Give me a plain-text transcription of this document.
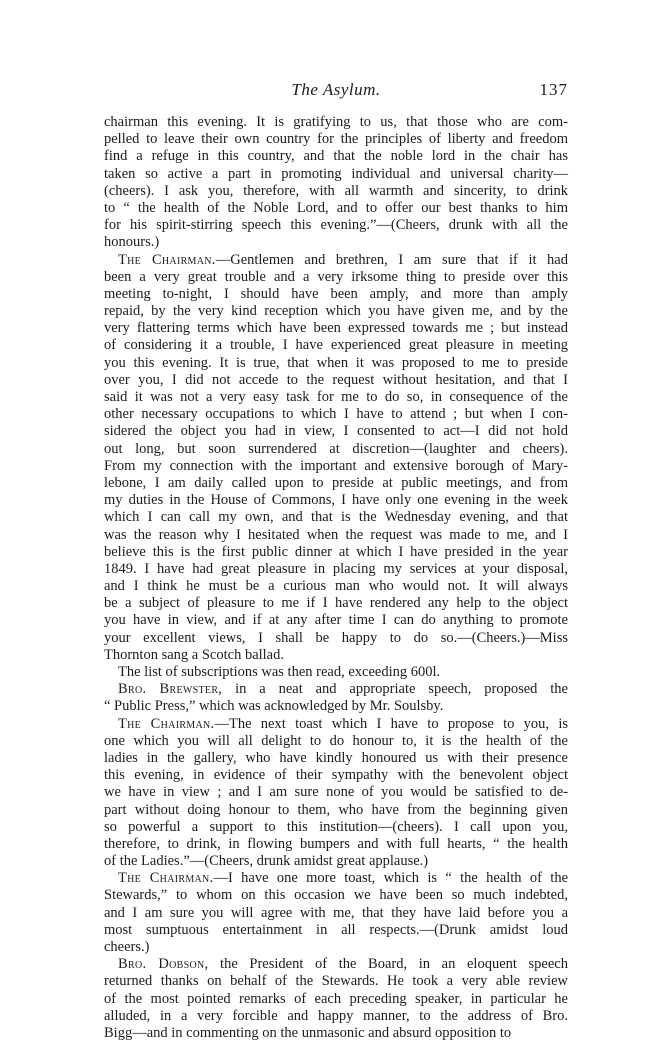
The Asylum.	137
chairman this evening. It is gratifying to us, that those who are com-
pelled to leave their own country for the principles of liberty and freedom
find a refuge in this country, and that the noble lord in the chair has
taken so active a part in promoting individual and universal charity—
(cheers). I ask you, therefore, with all warmth and sincerity, to drink
to “ the health of the Noble Lord, and to offer our best thanks to him
for his spirit-stirring speech this evening.”—(Cheers, drunk with all the
honours.)
The Chairman.—Gentlemen and brethren, I am sure that if it had
been a very great trouble and a very irksome thing to preside over this
meeting to-night, I should have been amply, and more than amply
repaid, by the very kind reception which you have given me, and by the
very flattering terms which have been expressed towards me ; but instead
of considering it a trouble, I have experienced great pleasure in meeting
you this evening. It is true, that when it was proposed to me to preside
over you, I did not accede to the request without hesitation, and that I
said it was not a very easy task for me to do so, in consequence of the
other necessary occupations to which I have to attend ; but when I con-
sidered the object you had in view, I consented to act—I did not hold
out long, but soon surrendered at discretion—(laughter and cheers).
From my connection with the important and extensive borough of Mary-
lebone, I am daily called upon to preside at public meetings, and from
my duties in the House of Commons, I have only one evening in the week
which I can call my own, and that is the Wednesday evening, and that
was the reason why I hesitated when the request was made to me, and I
believe this is the first public dinner at which I have presided in the year
1849. I have had great pleasure in placing my services at your disposal,
and I think he must be a curious man who would not. It will always
be a subject of pleasure to me if I have rendered any help to the object
you have in view, and if at any after time I can do anything to promote
your excellent views, I shall be happy to do so.—(Cheers.)—Miss
Thornton sang a Scotch ballad.
The list of subscriptions was then read, exceeding 600l.
Bro. Brewster, in a neat and appropriate speech, proposed the
“ Public Press,” which was acknowledged by Mr. Soulsby.
The Chairman.—The next toast which I have to propose to you, is
one which you will all delight to do honour to, it is the health of the
ladies in the gallery, who have kindly honoured us with their presence
this evening, in evidence of their sympathy with the benevolent object
we have in view ; and I am sure none of you would be satisfied to de-
part without doing honour to them, who have from the beginning given
so powerful a support to this institution—(cheers). I call upon you,
therefore, to drink, in flowing bumpers and with full hearts, “ the health
of the Ladies.”—(Cheers, drunk amidst great applause.)
The Chairman.—I have one more toast, which is “ the health of the
Stewards,” to whom on this occasion we have been so much indebted,
and I am sure you will agree with me, that they have laid before you a
most sumptuous entertainment in all respects.—(Drunk amidst loud
cheers.)
Bro. Dobson, the President of the Board, in an eloquent speech
returned thanks on behalf of the Stewards. He took a very able review
of the most pointed remarks of each preceding speaker, in particular he
alluded, in a very forcible and happy manner, to the address of Bro.
Bigg—and in commenting on the unmasonic and absurd opposition to
